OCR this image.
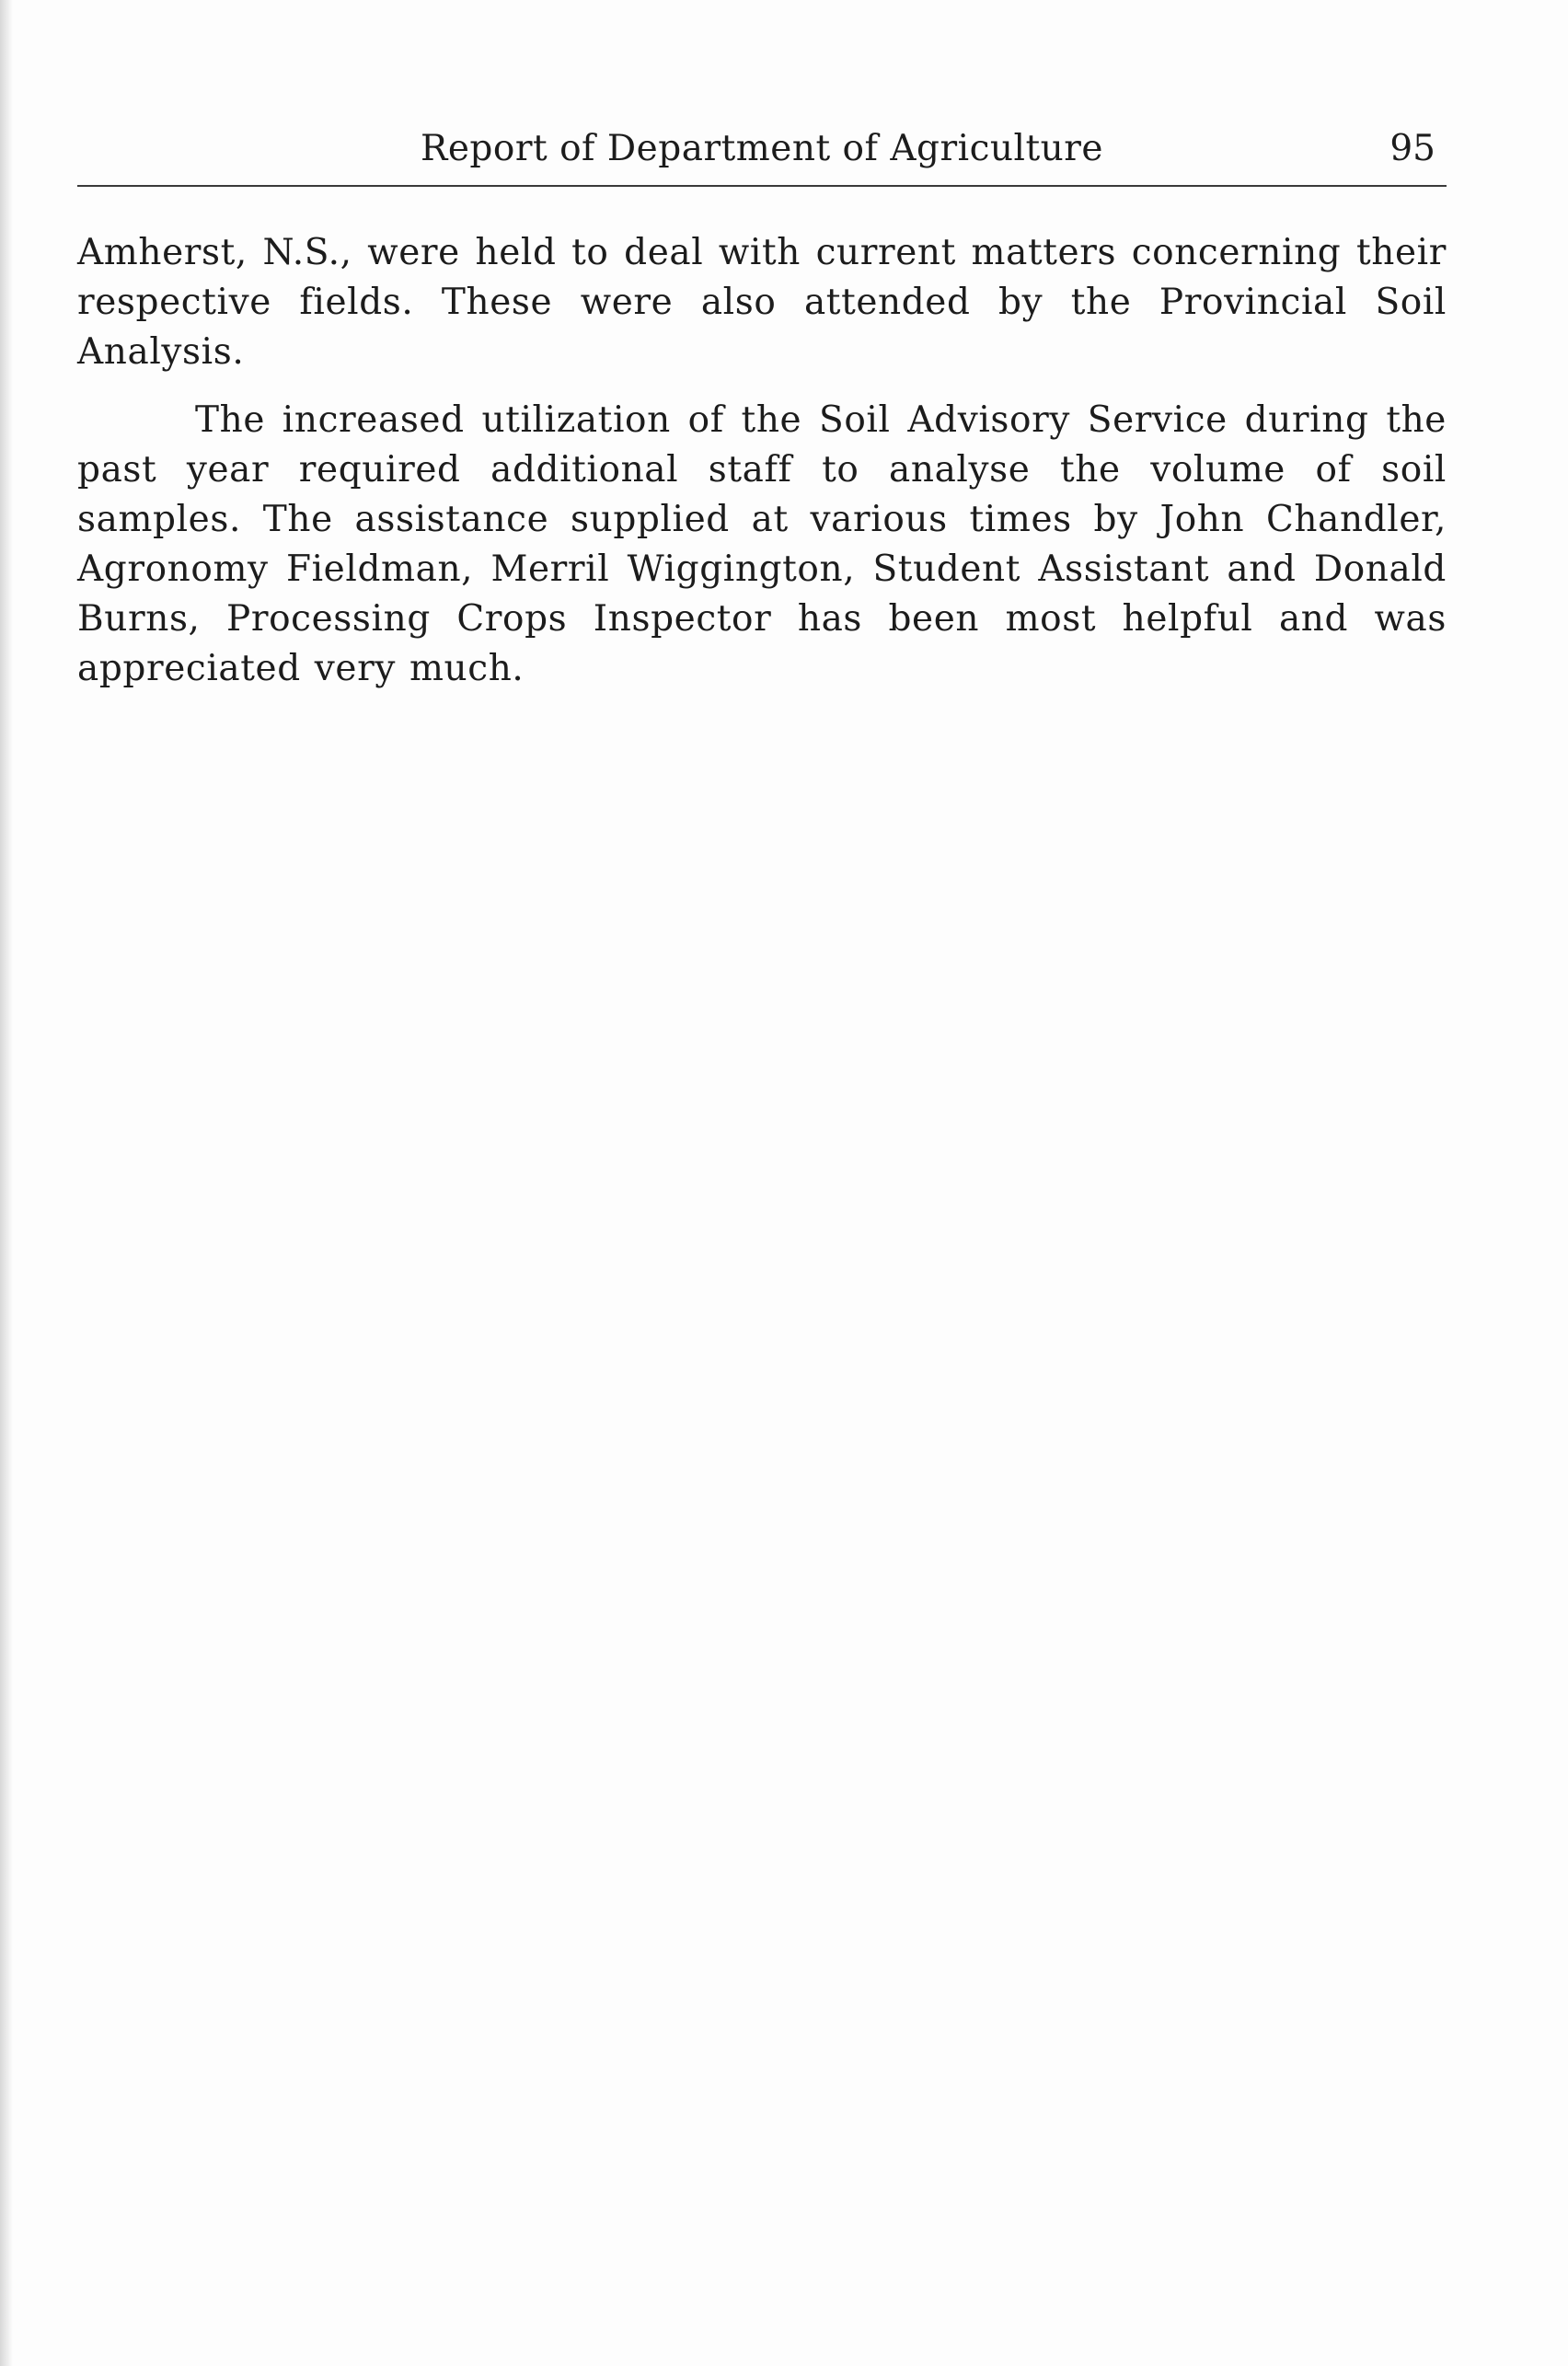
Report of Department of Agriculture	95

Amherst, N.S., were held to deal with current matters concerning their respective fields. These were also attended by the Provincial Soil Analysis.

The increased utilization of the Soil Advisory Service during the past year required additional staff to analyse the volume of soil samples. The assistance supplied at various times by John Chandler, Agronomy Fieldman, Merril Wiggington, Student Assistant and Donald Burns, Processing Crops Inspector has been most helpful and was appreciated very much.
